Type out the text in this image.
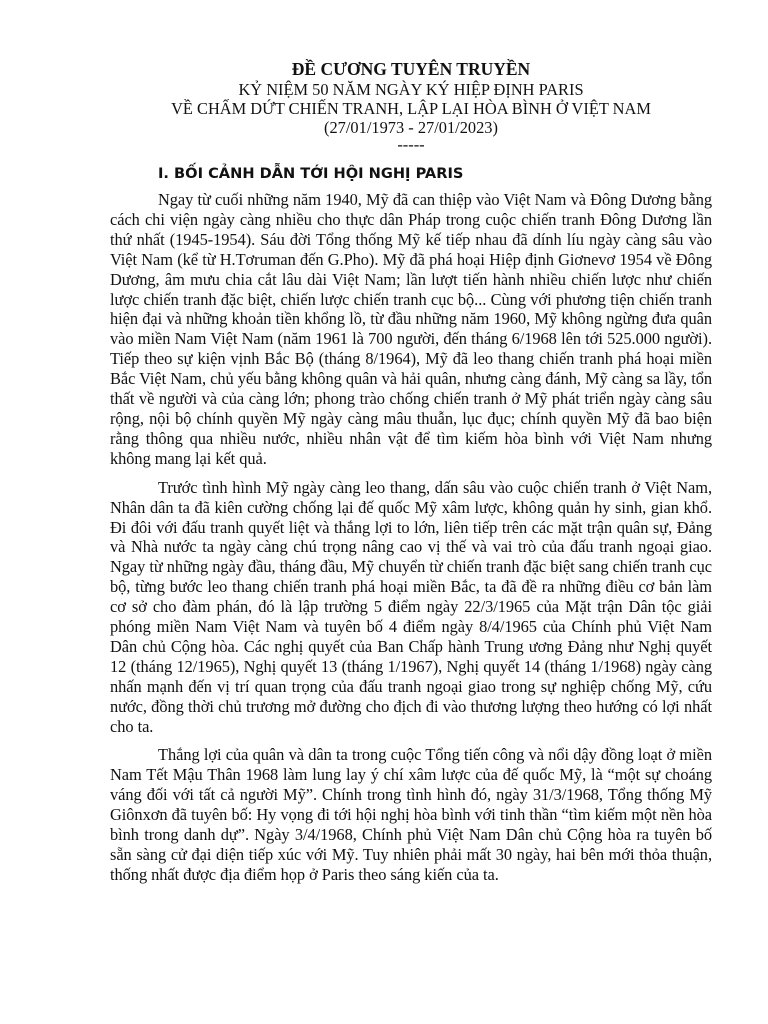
ĐỀ CƯƠNG TUYÊN TRUYỀN

KỶ NIỆM 50 NĂM NGÀY KÝ HIỆP ĐỊNH PARIS

VỀ CHẤM DỨT CHIẾN TRANH, LẬP LẠI HÒA BÌNH Ở VIỆT NAM

(27/01/1973 - 27/01/2023)

-----

I. BỐI CẢNH DẪN TỚI HỘI NGHỊ PARIS

Ngay từ cuối những năm 1940, Mỹ đã can thiệp vào Việt Nam và Đông Dương bằng cách chi viện ngày càng nhiều cho thực dân Pháp trong cuộc chiến tranh Đông Dương lần thứ nhất (1945-1954). Sáu đời Tổng thống Mỹ kế tiếp nhau đã dính líu ngày càng sâu vào Việt Nam (kể từ H.Tơruman đến G.Pho). Mỹ đã phá hoại Hiệp định Giơnevơ 1954 về Đông Dương, âm mưu chia cắt lâu dài Việt Nam; lần lượt tiến hành nhiều chiến lược như chiến lược chiến tranh đặc biệt, chiến lược chiến tranh cục bộ... Cùng với phương tiện chiến tranh hiện đại và những khoản tiền khổng lồ, từ đầu những năm 1960, Mỹ không ngừng đưa quân vào miền Nam Việt Nam (năm 1961 là 700 người, đến tháng 6/1968 lên tới 525.000 người). Tiếp theo sự kiện vịnh Bắc Bộ (tháng 8/1964), Mỹ đã leo thang chiến tranh phá hoại miền Bắc Việt Nam, chủ yếu bằng không quân và hải quân, nhưng càng đánh, Mỹ càng sa lầy, tổn thất về người và của càng lớn; phong trào chống chiến tranh ở Mỹ phát triển ngày càng sâu rộng, nội bộ chính quyền Mỹ ngày càng mâu thuẫn, lục đục; chính quyền Mỹ đã bao biện rằng thông qua nhiều nước, nhiều nhân vật để tìm kiếm hòa bình với Việt Nam nhưng không mang lại kết quả.

Trước tình hình Mỹ ngày càng leo thang, dấn sâu vào cuộc chiến tranh ở Việt Nam, Nhân dân ta đã kiên cường chống lại đế quốc Mỹ xâm lược, không quản hy sinh, gian khổ. Đi đôi với đấu tranh quyết liệt và thắng lợi to lớn, liên tiếp trên các mặt trận quân sự, Đảng và Nhà nước ta ngày càng chú trọng nâng cao vị thế và vai trò của đấu tranh ngoại giao. Ngay từ những ngày đầu, tháng đầu, Mỹ chuyển từ chiến tranh đặc biệt sang chiến tranh cục bộ, từng bước leo thang chiến tranh phá hoại miền Bắc, ta đã đề ra những điều cơ bản làm cơ sở cho đàm phán, đó là lập trường 5 điểm ngày 22/3/1965 của Mặt trận Dân tộc giải phóng miền Nam Việt Nam và tuyên bố 4 điểm ngày 8/4/1965 của Chính phủ Việt Nam Dân chủ Cộng hòa. Các nghị quyết của Ban Chấp hành Trung ương Đảng như Nghị quyết 12 (tháng 12/1965), Nghị quyết 13 (tháng 1/1967), Nghị quyết 14 (tháng 1/1968) ngày càng nhấn mạnh đến vị trí quan trọng của đấu tranh ngoại giao trong sự nghiệp chống Mỹ, cứu nước, đồng thời chủ trương mở đường cho địch đi vào thương lượng theo hướng có lợi nhất cho ta.

Thắng lợi của quân và dân ta trong cuộc Tổng tiến công và nổi dậy đồng loạt ở miền Nam Tết Mậu Thân 1968 làm lung lay ý chí xâm lược của đế quốc Mỹ, là “một sự choáng váng đối với tất cả người Mỹ”. Chính trong tình hình đó, ngày 31/3/1968, Tổng thống Mỹ Giônxơn đã tuyên bố: Hy vọng đi tới hội nghị hòa bình với tinh thần “tìm kiếm một nền hòa bình trong danh dự”. Ngày 3/4/1968, Chính phủ Việt Nam Dân chủ Cộng hòa ra tuyên bố sẵn sàng cử đại diện tiếp xúc với Mỹ. Tuy nhiên phải mất 30 ngày, hai bên mới thỏa thuận, thống nhất được địa điểm họp ở Paris theo sáng kiến của ta.
